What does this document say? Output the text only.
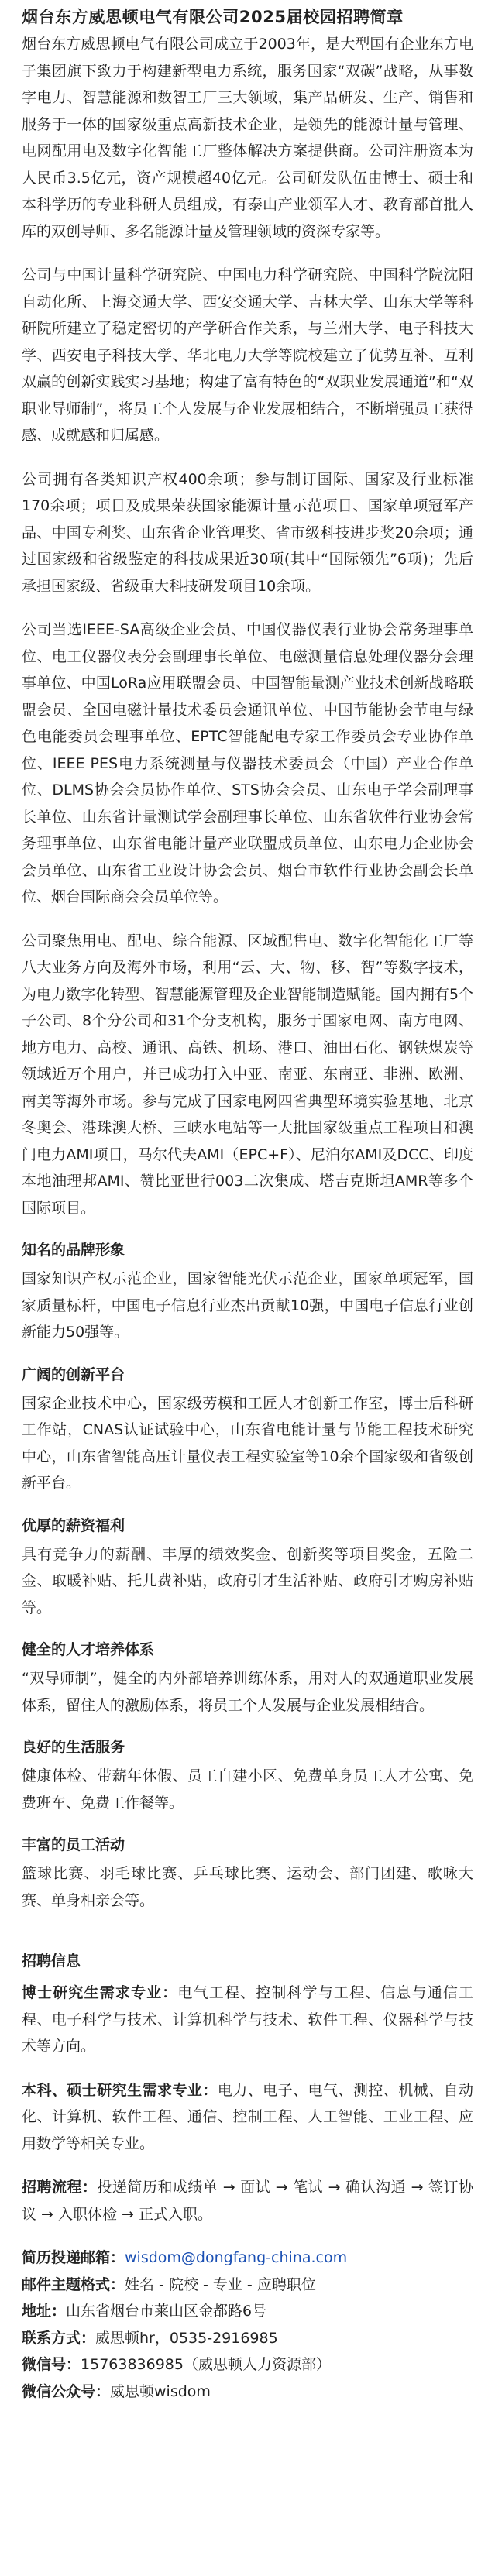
烟台东方威思顿电气有限公司2025届校园招聘简章

烟台东方威思顿电气有限公司成立于2003年，是大型国有企业东方电子集团旗下致力于构建新型电力系统，服务国家“双碳”战略，从事数字电力、智慧能源和数智工厂三大领域，集产品研发、生产、销售和服务于一体的国家级重点高新技术企业，是领先的能源计量与管理、电网配用电及数字化智能工厂整体解决方案提供商。公司注册资本为人民币3.5亿元，资产规模超40亿元。公司研发队伍由博士、硕士和本科学历的专业科研人员组成，有泰山产业领军人才、教育部首批人库的双创导师、多名能源计量及管理领域的资深专家等。

公司与中国计量科学研究院、中国电力科学研究院、中国科学院沈阳自动化所、上海交通大学、西安交通大学、吉林大学、山东大学等科研院所建立了稳定密切的产学研合作关系，与兰州大学、电子科技大学、西安电子科技大学、华北电力大学等院校建立了优势互补、互利双赢的创新实践实习基地；构建了富有特色的“双职业发展通道”和“双职业导师制”，将员工个人发展与企业发展相结合，不断增强员工获得感、成就感和归属感。

公司拥有各类知识产权400余项；参与制订国际、国家及行业标准170余项；项目及成果荣获国家能源计量示范项目、国家单项冠军产品、中国专利奖、山东省企业管理奖、省市级科技进步奖20余项；通过国家级和省级鉴定的科技成果近30项(其中“国际领先”6项)；先后承担国家级、省级重大科技研发项目10余项。

公司当选IEEE-SA高级企业会员、中国仪器仪表行业协会常务理事单位、电工仪器仪表分会副理事长单位、电磁测量信息处理仪器分会理事单位、中国LoRa应用联盟会员、中国智能量测产业技术创新战略联盟会员、全国电磁计量技术委员会通讯单位、中国节能协会节电与绿色电能委员会理事单位、EPTC智能配电专家工作委员会专业协作单位、IEEE PES电力系统测量与仪器技术委员会（中国）产业合作单位、DLMS协会会员协作单位、STS协会会员、山东电子学会副理事长单位、山东省计量测试学会副理事长单位、山东省软件行业协会常务理事单位、山东省电能计量产业联盟成员单位、山东电力企业协会会员单位、山东省工业设计协会会员、烟台市软件行业协会副会长单位、烟台国际商会会员单位等。

公司聚焦用电、配电、综合能源、区域配售电、数字化智能化工厂等八大业务方向及海外市场，利用“云、大、物、移、智”等数字技术，为电力数字化转型、智慧能源管理及企业智能制造赋能。国内拥有5个子公司、8个分公司和31个分支机构，服务于国家电网、南方电网、地方电力、高校、通讯、高铁、机场、港口、油田石化、钢铁煤炭等领域近万个用户，并已成功打入中亚、南亚、东南亚、非洲、欧洲、南美等海外市场。参与完成了国家电网四省典型环境实验基地、北京冬奥会、港珠澳大桥、三峡水电站等一大批国家级重点工程项目和澳门电力AMI项目，马尔代夫AMI（EPC+F）、尼泊尔AMI及DCC、印度本地油理邦AMI、赞比亚世行003二次集成、塔吉克斯坦AMR等多个国际项目。

知名的品牌形象

国家知识产权示范企业，国家智能光伏示范企业，国家单项冠军，国家质量标杆，中国电子信息行业杰出贡献10强，中国电子信息行业创新能力50强等。

广阔的创新平台

国家企业技术中心，国家级劳模和工匠人才创新工作室，博士后科研工作站，CNAS认证试验中心，山东省电能计量与节能工程技术研究中心，山东省智能高压计量仪表工程实验室等10余个国家级和省级创新平台。

优厚的薪资福利

具有竞争力的薪酬、丰厚的绩效奖金、创新奖等项目奖金，五险二金、取暖补贴、托儿费补贴，政府引才生活补贴、政府引才购房补贴等。

健全的人才培养体系

“双导师制”，健全的内外部培养训练体系，用对人的双通道职业发展体系，留住人的激励体系，将员工个人发展与企业发展相结合。

良好的生活服务

健康体检、带薪年休假、员工自建小区、免费单身员工人才公寓、免费班车、免费工作餐等。

丰富的员工活动

篮球比赛、羽毛球比赛、乒乓球比赛、运动会、部门团建、歌咏大赛、单身相亲会等。

招聘信息

博士研究生需求专业：电气工程、控制科学与工程、信息与通信工程、电子科学与技术、计算机科学与技术、软件工程、仪器科学与技术等方向。

本科、硕士研究生需求专业：电力、电子、电气、测控、机械、自动化、计算机、软件工程、通信、控制工程、人工智能、工业工程、应用数学等相关专业。

招聘流程：投递简历和成绩单 → 面试 → 笔试 → 确认沟通 → 签订协议 → 入职体检 → 正式入职。

简历投递邮箱：wisdom@dongfang-china.com
邮件主题格式：姓名 - 院校 - 专业 - 应聘职位
地址：山东省烟台市莱山区金都路6号
联系方式：威思顿hr，0535-2916985
微信号：15763836985（威思顿人力资源部）
微信公众号：威思顿wisdom
